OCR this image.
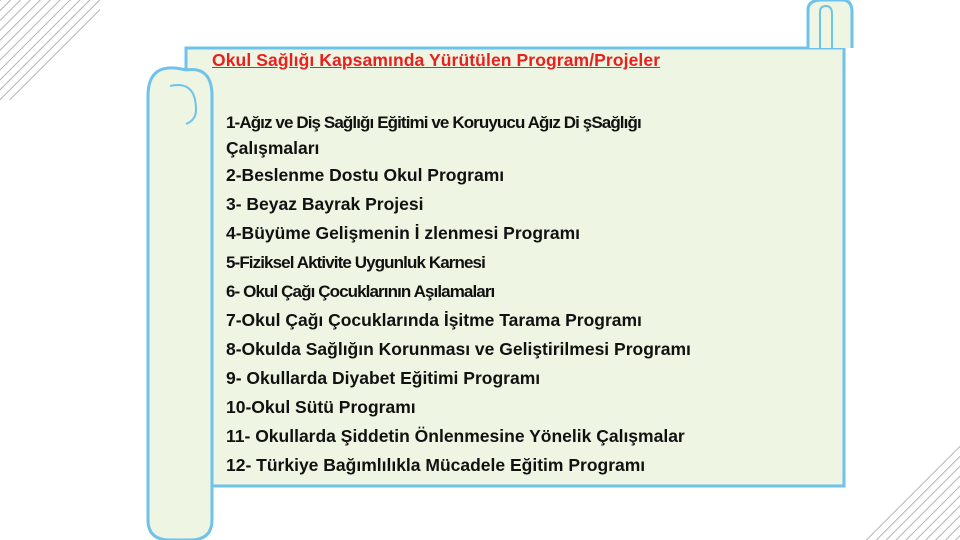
Okul Sağlığı Kapsamında Yürütülen Program/Projeler
1-Ağız ve Diş Sağlığı Eğitimi ve Koruyucu Ağız Di şSağlığı
Çalışmaları
2-Beslenme Dostu Okul Programı
3- Beyaz Bayrak Projesi
4-Büyüme Gelişmenin İ zlenmesi Programı
5-Fiziksel Aktivite Uygunluk Karnesi
6- Okul Çağı Çocuklarının Aşılamaları
7-Okul Çağı Çocuklarında İşitme Tarama Programı
8-Okulda Sağlığın Korunması ve Geliştirilmesi Programı
9- Okullarda Diyabet Eğitimi Programı
10-Okul Sütü Programı
11- Okullarda Şiddetin Önlenmesine Yönelik Çalışmalar
12- Türkiye Bağımlılıkla Mücadele Eğitim Programı
